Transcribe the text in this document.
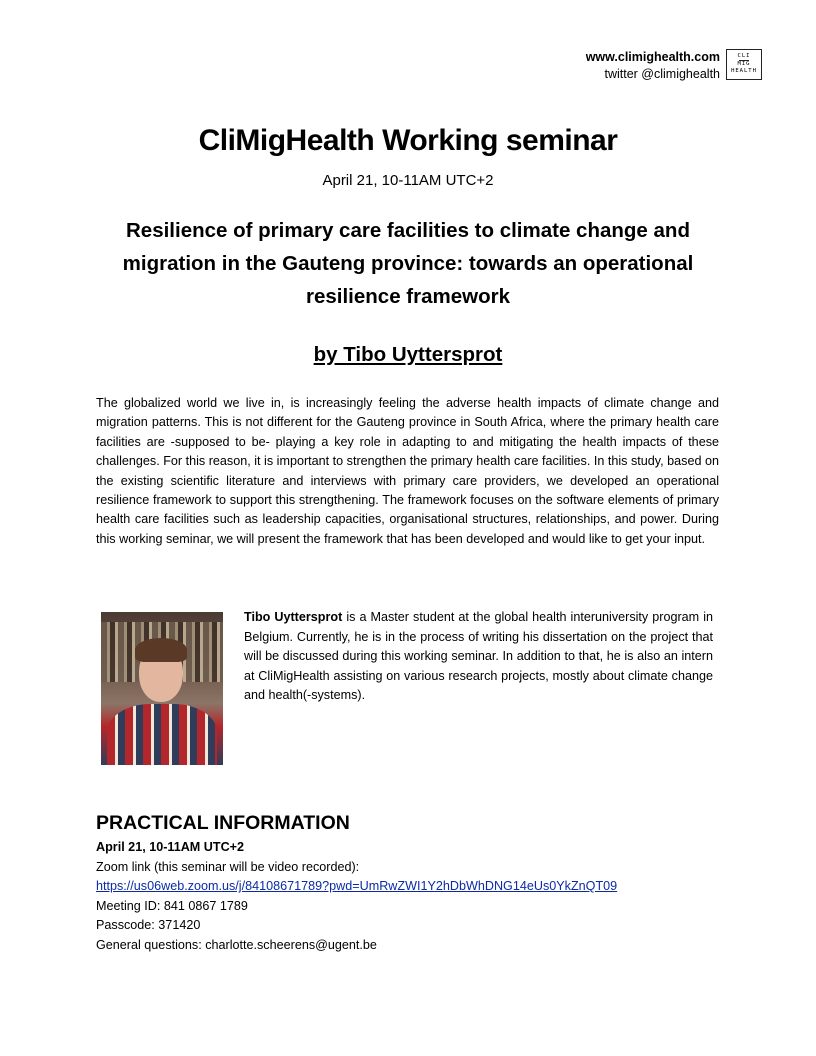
www.climighealth.com
twitter @climighealth
CLI

MIG
HEALTH
CliMigHealth Working seminar
April 21, 10-11AM UTC+2
Resilience of primary care facilities to climate change and migration in the Gauteng province: towards an operational resilience framework
by Tibo Uyttersprot

The globalized world we live in, is increasingly feeling the adverse health impacts of climate change and migration patterns. This is not different for the Gauteng province in South Africa, where the primary health care facilities are -supposed to be- playing a key role in adapting to and mitigating the health impacts of these challenges. For this reason, it is important to strengthen the primary health care facilities. In this study, based on the existing scientific literature and interviews with primary care providers, we developed an operational resilience framework to support this strengthening. The framework focuses on the software elements of primary health care facilities such as leadership capacities, organisational structures, relationships, and power. During this working seminar, we will present the framework that has been developed and would like to get your input.

Tibo Uyttersprot is a Master student at the global health interuniversity program in Belgium. Currently, he is in the process of writing his dissertation on the project that will be discussed during this working seminar. In addition to that, he is also an intern at CliMigHealth assisting on various research projects, mostly about climate change and health(-systems).

PRACTICAL INFORMATION
April 21, 10-11AM UTC+2
Zoom link (this seminar will be video recorded):
https://us06web.zoom.us/j/84108671789?pwd=UmRwZWI1Y2hDbWhDNG14eUs0YkZnQT09
Meeting ID: 841 0867 1789
Passcode: 371420
General questions: charlotte.scheerens@ugent.be
